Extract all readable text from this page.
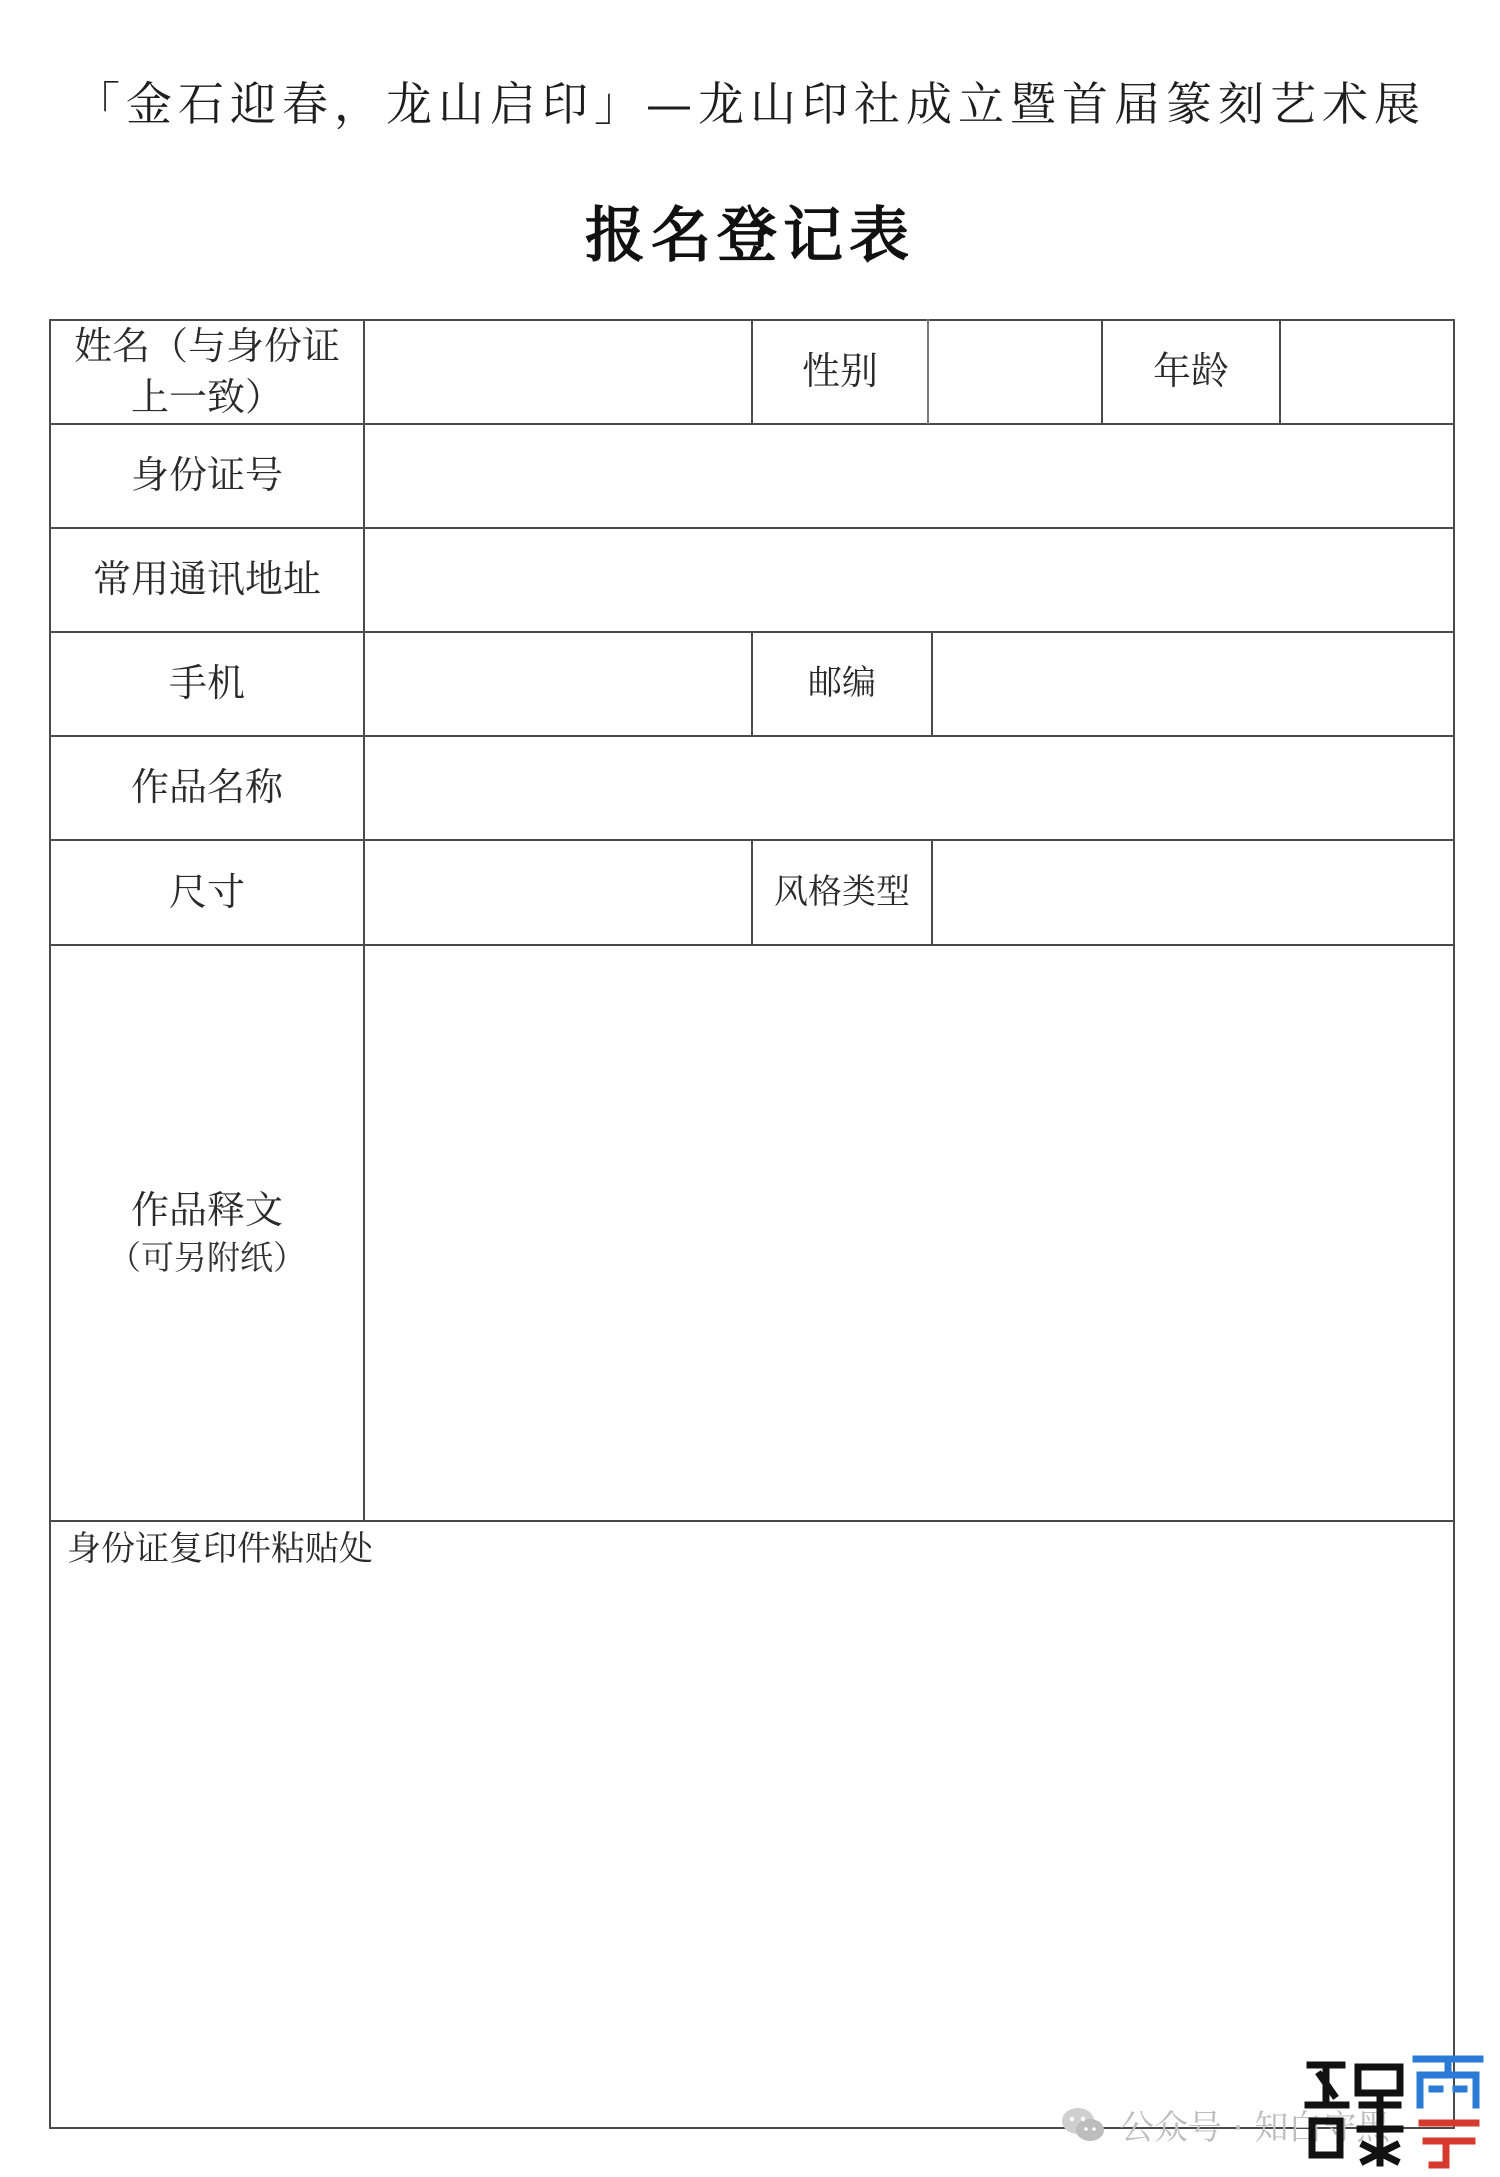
「金石迎春，龙山启印」—龙山印社成立暨首届篆刻艺术展
报名登记表
姓名（与身份证上一致）
性别	年龄
身份证号
常用通讯地址
手机	邮编
作品名称
尺寸	风格类型
作品释文
（可另附纸）
身份证复印件粘贴处
公众号 · 知白守黑
